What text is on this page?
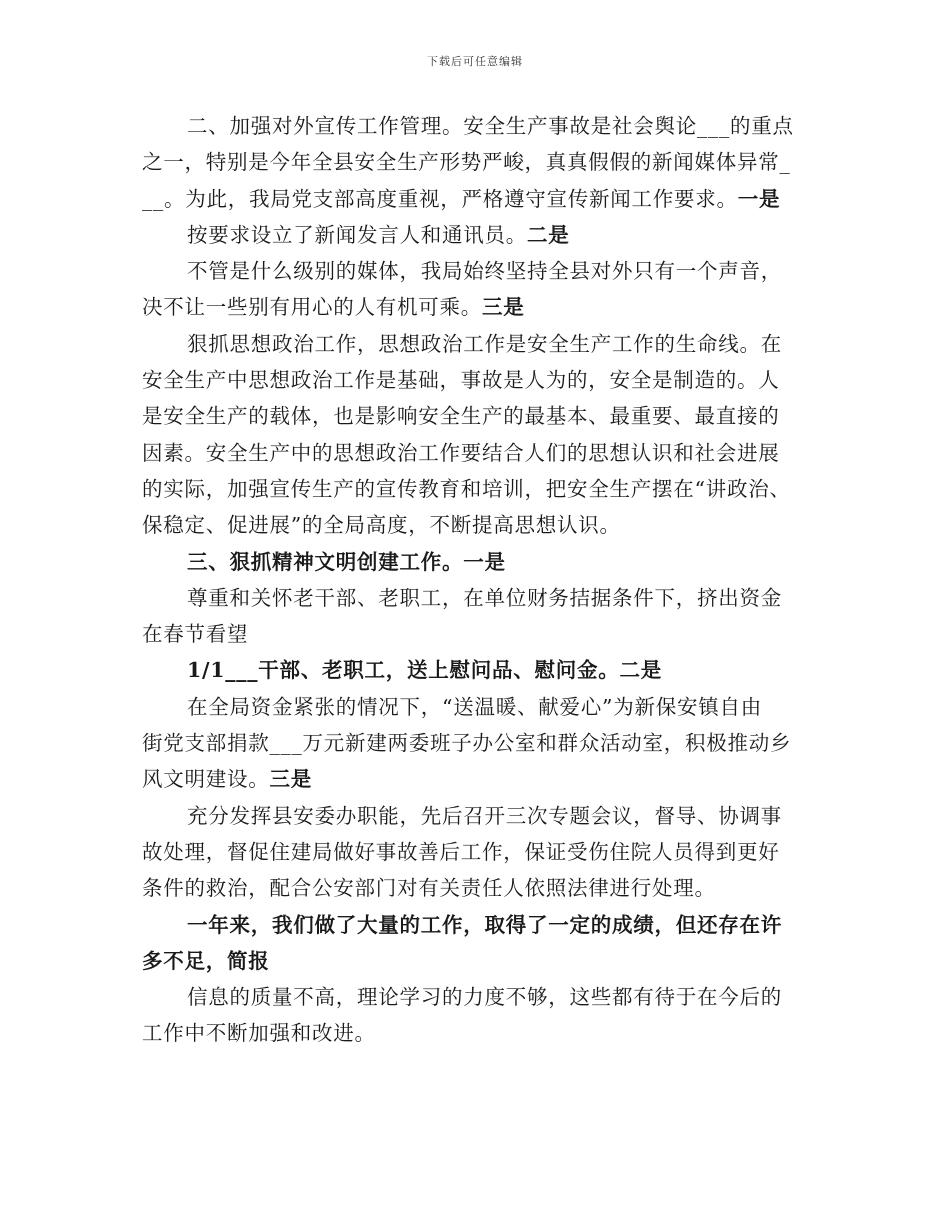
下载后可任意编辑
二、加强对外宣传工作管理。安全生产事故是社会舆论___的重点
之一，特别是今年全县安全生产形势严峻，真真假假的新闻媒体异常_
__。为此，我局党支部高度重视，严格遵守宣传新闻工作要求。一是
按要求设立了新闻发言人和通讯员。二是
不管是什么级别的媒体，我局始终坚持全县对外只有一个声音，
决不让一些别有用心的人有机可乘。三是
狠抓思想政治工作，思想政治工作是安全生产工作的生命线。在
安全生产中思想政治工作是基础，事故是人为的，安全是制造的。人
是安全生产的载体，也是影响安全生产的最基本、最重要、最直接的
因素。安全生产中的思想政治工作要结合人们的思想认识和社会进展
的实际，加强宣传生产的宣传教育和培训，把安全生产摆在“讲政治、
保稳定、促进展”的全局高度，不断提高思想认识。
三、狠抓精神文明创建工作。一是
尊重和关怀老干部、老职工，在单位财务拮据条件下，挤出资金
在春节看望
1/1___干部、老职工，送上慰问品、慰问金。二是
在全局资金紧张的情况下，“送温暖、献爱心”为新保安镇自由
街党支部捐款___万元新建两委班子办公室和群众活动室，积极推动乡
风文明建设。三是
充分发挥县安委办职能，先后召开三次专题会议，督导、协调事
故处理，督促住建局做好事故善后工作，保证受伤住院人员得到更好
条件的救治，配合公安部门对有关责任人依照法律进行处理。
一年来，我们做了大量的工作，取得了一定的成绩，但还存在许
多不足，简报
信息的质量不高，理论学习的力度不够，这些都有待于在今后的
工作中不断加强和改进。
